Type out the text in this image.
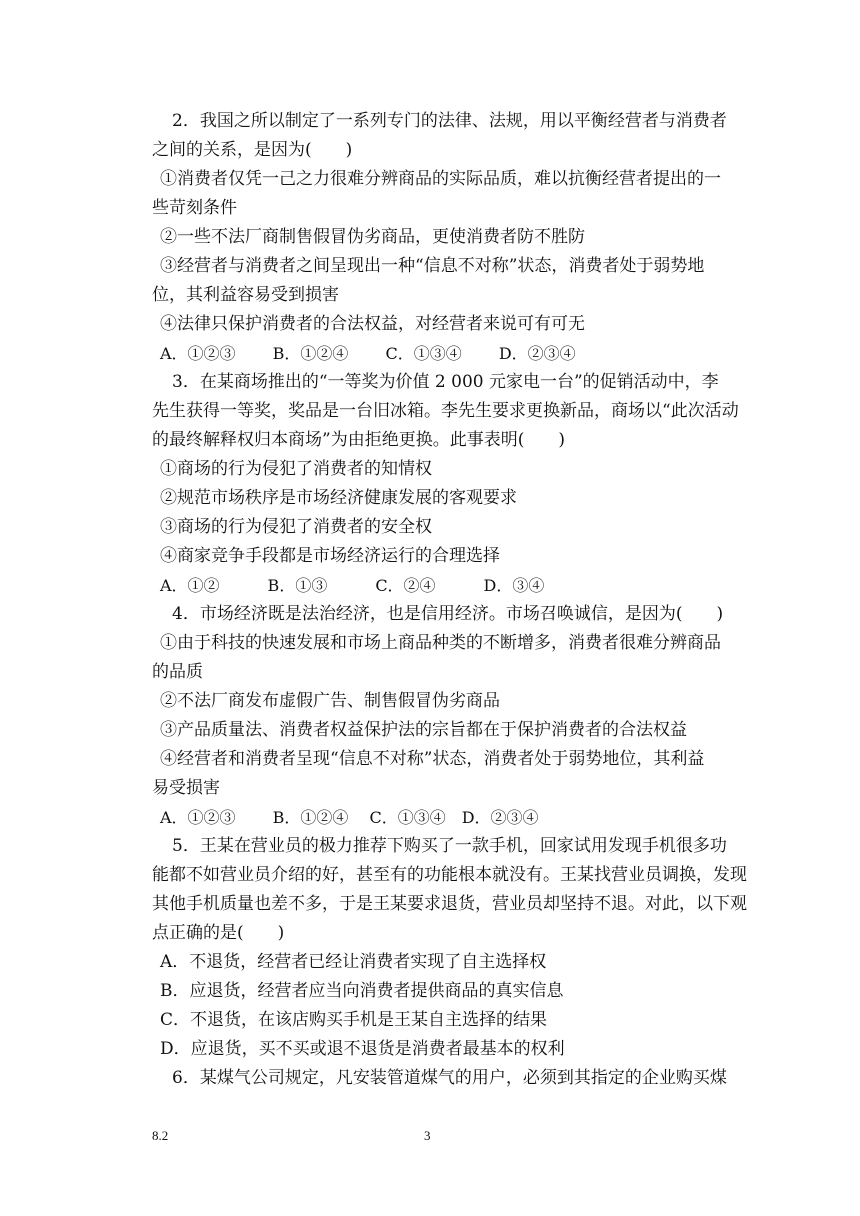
2．我国之所以制定了一系列专门的法律、法规，用以平衡经营者与消费者
之间的关系，是因为(　　)
①消费者仅凭一己之力很难分辨商品的实际品质，难以抗衡经营者提出的一
些苛刻条件
②一些不法厂商制售假冒伪劣商品，更使消费者防不胜防
③经营者与消费者之间呈现出一种“信息不对称”状态，消费者处于弱势地
位，其利益容易受到损害
④法律只保护消费者的合法权益，对经营者来说可有可无
A．①②③　　 B．①②④　　 C．①③④　　 D．②③④
3．在某商场推出的“一等奖为价值 2 000 元家电一台”的促销活动中，李
先生获得一等奖，奖品是一台旧冰箱。李先生要求更换新品，商场以“此次活动
的最终解释权归本商场”为由拒绝更换。此事表明(　　)
①商场的行为侵犯了消费者的知情权
②规范市场秩序是市场经济健康发展的客观要求
③商场的行为侵犯了消费者的安全权
④商家竞争手段都是市场经济运行的合理选择
A．①②　　　B．①③　　　C．②④　　　D．③④
4．市场经济既是法治经济，也是信用经济。市场召唤诚信，是因为(　　)
①由于科技的快速发展和市场上商品种类的不断增多，消费者很难分辨商品
的品质
②不法厂商发布虚假广告、制售假冒伪劣商品
③产品质量法、消费者权益保护法的宗旨都在于保护消费者的合法权益
④经营者和消费者呈现“信息不对称”状态，消费者处于弱势地位，其利益
易受损害
A．①②③　　 B．①②④　 C．①③④　D．②③④
5．王某在营业员的极力推荐下购买了一款手机，回家试用发现手机很多功
能都不如营业员介绍的好，甚至有的功能根本就没有。王某找营业员调换，发现
其他手机质量也差不多，于是王某要求退货，营业员却坚持不退。对此，以下观
点正确的是(　　)
A．不退货，经营者已经让消费者实现了自主选择权
B．应退货，经营者应当向消费者提供商品的真实信息
C．不退货，在该店购买手机是王某自主选择的结果
D．应退货，买不买或退不退货是消费者最基本的权利
6．某煤气公司规定，凡安装管道煤气的用户，必须到其指定的企业购买煤
8.2	3
